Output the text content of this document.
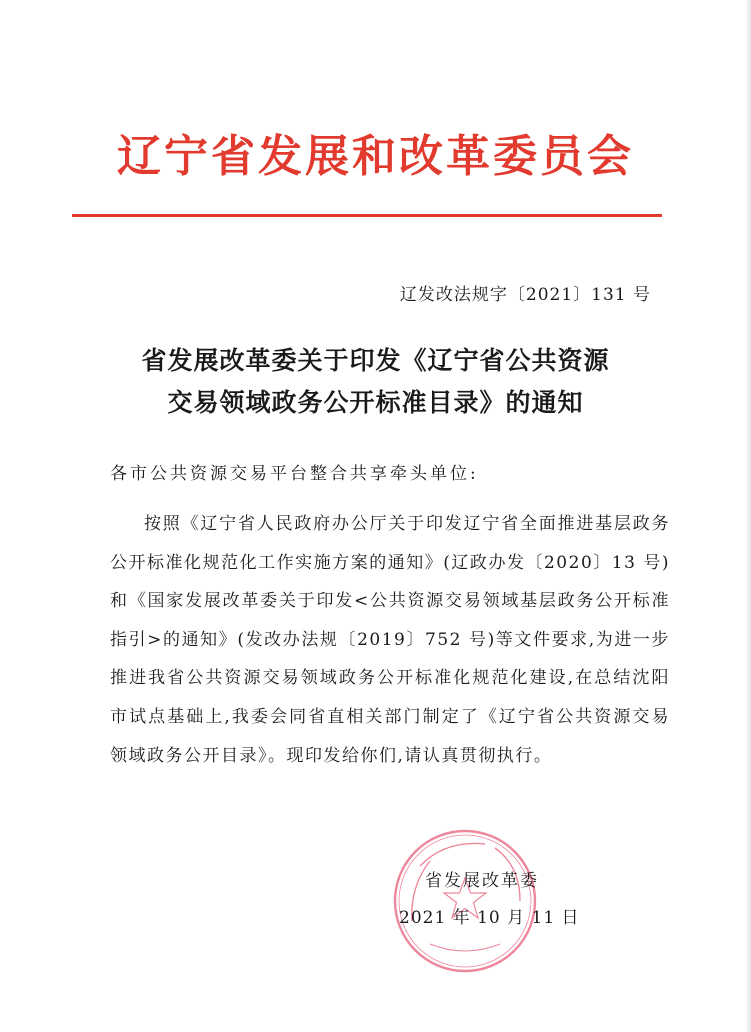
辽宁省发展和改革委员会
辽发改法规字〔2021〕131 号
省发展改革委关于印发《辽宁省公共资源
交易领域政务公开标准目录》的通知
各市公共资源交易平台整合共享牵头单位:
按照《辽宁省人民政府办公厅关于印发辽宁省全面推进基层政务公开标准化规范化工作实施方案的通知》(辽政办发〔2020〕13 号)和《国家发展改革委关于印发<公共资源交易领域基层政务公开标准指引>的通知》(发改办法规〔2019〕752 号)等文件要求,为进一步推进我省公共资源交易领域政务公开标准化规范化建设,在总结沈阳市试点基础上,我委会同省直相关部门制定了《辽宁省公共资源交易领域政务公开目录》。现印发给你们,请认真贯彻执行。
省发展改革委
2021 年 10 月 11 日
